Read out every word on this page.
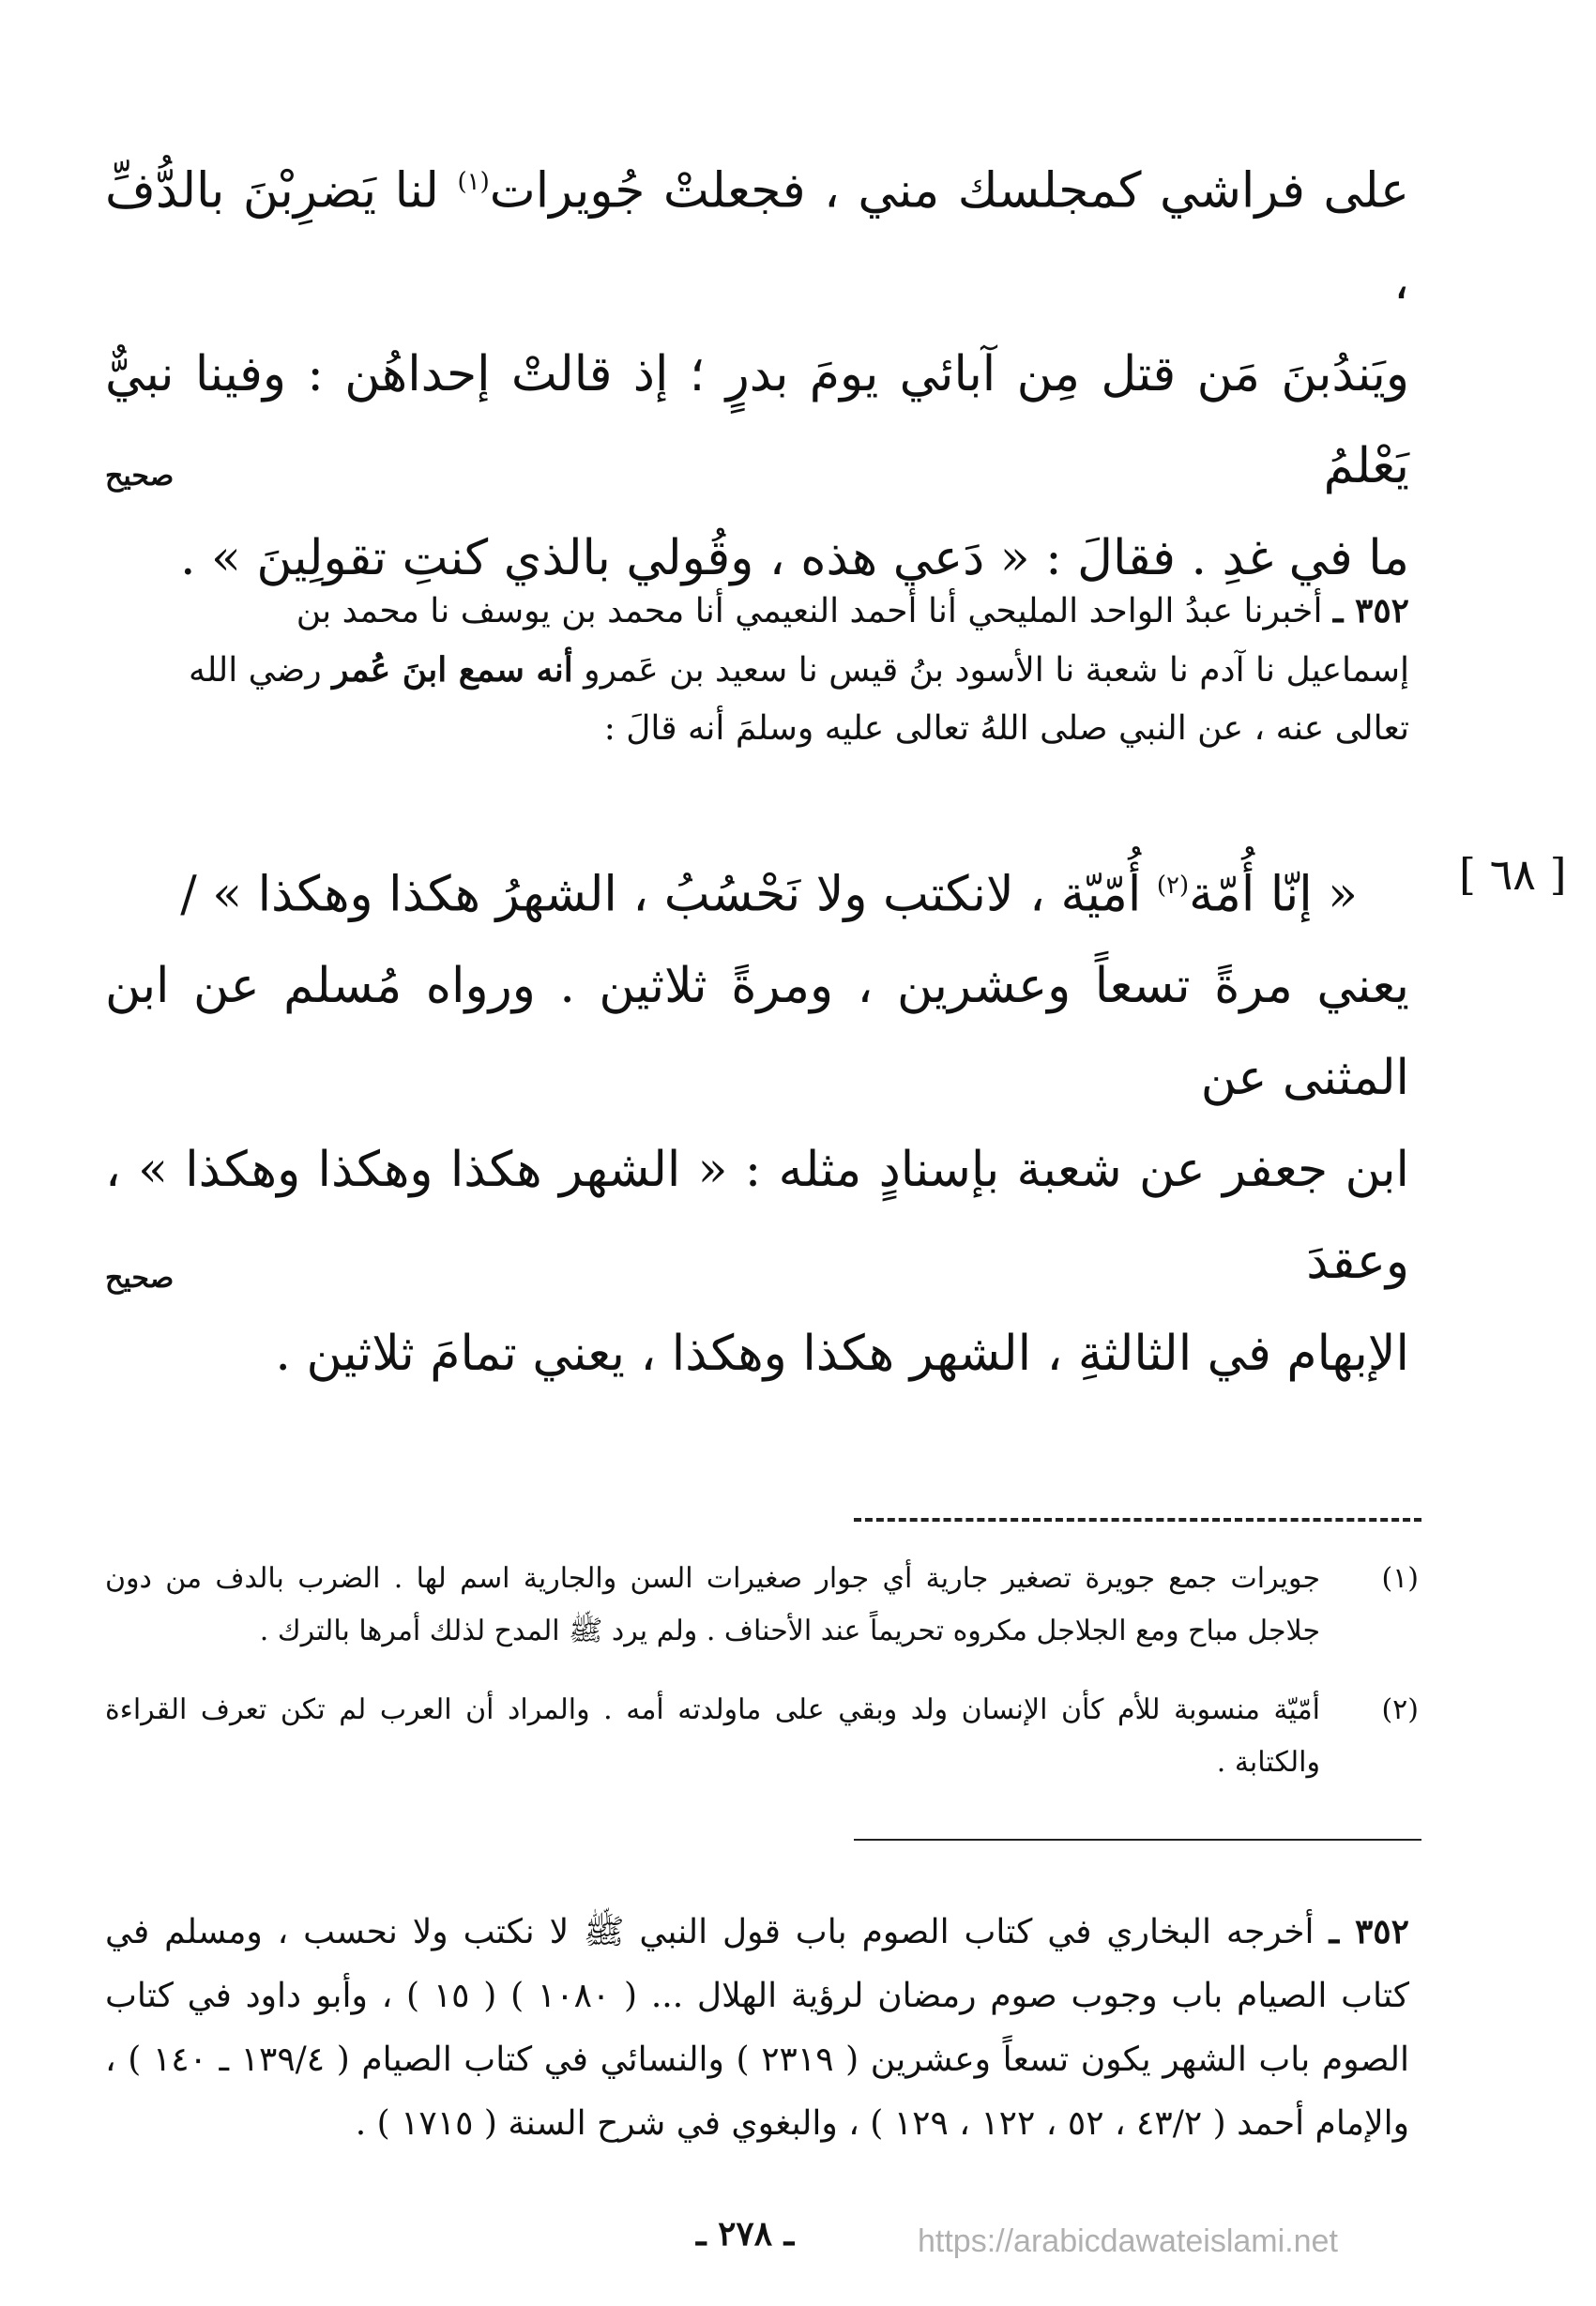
على فراشي كمجلسك مني ، فجعلتْ جُويرات$^{(١)}$ لنا يَضرِبْنَ بالدُّفِّ ،
ويَندُبنَ مَن قتل مِن آبائي يومَ بدرٍ ؛ إذ قالتْ إحداهُن : وفينا نبيٌّ يَعْلمُ
ما في غدِ . فقالَ : « دَعي هذه ، وقُولي بالذي كنتِ تقولِينَ » .
صحيح
٣٥٢ ـ أخبرنا عبدُ الواحد المليحي أنا أحمد النعيمي أنا محمد بن يوسف نا محمد بن
إسماعيل نا آدم نا شعبة نا الأسود بنُ قيس نا سعيد بن عَمرو أنه سمع ابنَ عُمر رضي الله
تعالى عنه ، عن النبي صلى اللهُ تعالى عليه وسلمَ أنه قالَ :
[ ٦٨ ]
« إنّا أُمّة$^{(٢)}$ أُمّيّة ، لانكتب ولا نَحْسُبُ ، الشهرُ هكذا وهكذا » /
يعني مرةً تسعاً وعشرين ، ومرةً ثلاثين . ورواه مُسلم عن ابن المثنى عن
ابن جعفر عن شعبة بإسنادٍ مثله : « الشهر هكذا وهكذا وهكذا » ، وعقدَ
الإبهام في الثالثةِ ، الشهر هكذا وهكذا ، يعني تمامَ ثلاثين .
صحيح
(١)
جويرات جمع جويرة تصغير جارية أي جوار صغيرات السن والجارية اسم لها . الضرب بالدف من دون جلاجل مباح ومع الجلاجل مكروه تحريماً عند الأحناف . ولم يرد ﷺ المدح لذلك أمرها بالترك .
(٢)
أمّيّة منسوبة للأم كأن الإنسان ولد وبقي على ماولدته أمه . والمراد أن العرب لم تكن تعرف القراءة والكتابة .
٣٥٢ ـ أخرجه البخاري في كتاب الصوم باب قول النبي ﷺ لا نكتب ولا نحسب ، ومسلم في كتاب الصيام باب وجوب صوم رمضان لرؤية الهلال ... ( ١٠٨٠ ) ( ١٥ ) ، وأبو داود في كتاب الصوم باب الشهر يكون تسعاً وعشرين ( ٢٣١٩ ) والنسائي في كتاب الصيام ( ١٣٩/٤ ـ ١٤٠ ) ، والإمام أحمد ( ٤٣/٢ ، ٥٢ ، ١٢٢ ، ١٢٩ ) ، والبغوي في شرح السنة ( ١٧١٥ ) .
ـ ٢٧٨ ـ	https://arabicdawateislami.net
